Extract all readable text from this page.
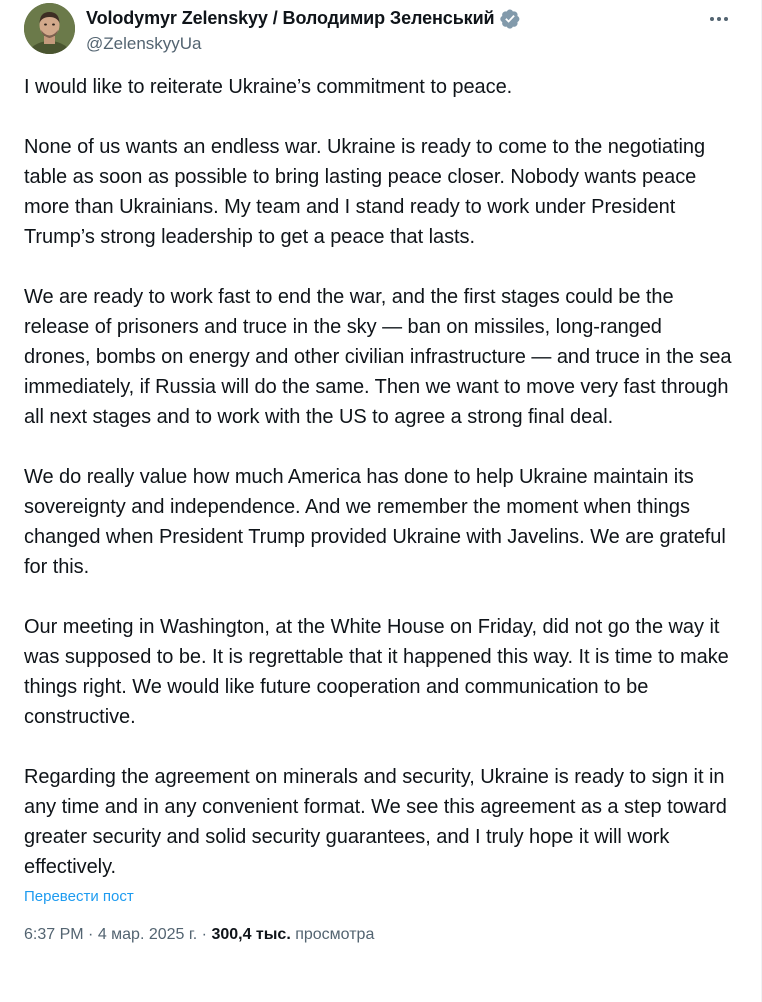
Volodymyr Zelenskyy / Володимир Зеленський
@ZelenskyyUa

I would like to reiterate Ukraine’s commitment to peace.

None of us wants an endless war. Ukraine is ready to come to the negotiating table as soon as possible to bring lasting peace closer. Nobody wants peace more than Ukrainians. My team and I stand ready to work under President Trump’s strong leadership to get a peace that lasts.

We are ready to work fast to end the war, and the first stages could be the release of prisoners and truce in the sky — ban on missiles, long-ranged drones, bombs on energy and other civilian infrastructure — and truce in the sea immediately, if Russia will do the same. Then we want to move very fast through all next stages and to work with the US to agree a strong final deal.

We do really value how much America has done to help Ukraine maintain its sovereignty and independence. And we remember the moment when things changed when President Trump provided Ukraine with Javelins. We are grateful for this.

Our meeting in Washington, at the White House on Friday, did not go the way it was supposed to be. It is regrettable that it happened this way. It is time to make things right. We would like future cooperation and communication to be constructive.

Regarding the agreement on minerals and security, Ukraine is ready to sign it in any time and in any convenient format. We see this agreement as a step toward greater security and solid security guarantees, and I truly hope it will work effectively.

Перевести пост
6:37 PM · 4 мар. 2025 г. · 300,4 тыс. просмотра
